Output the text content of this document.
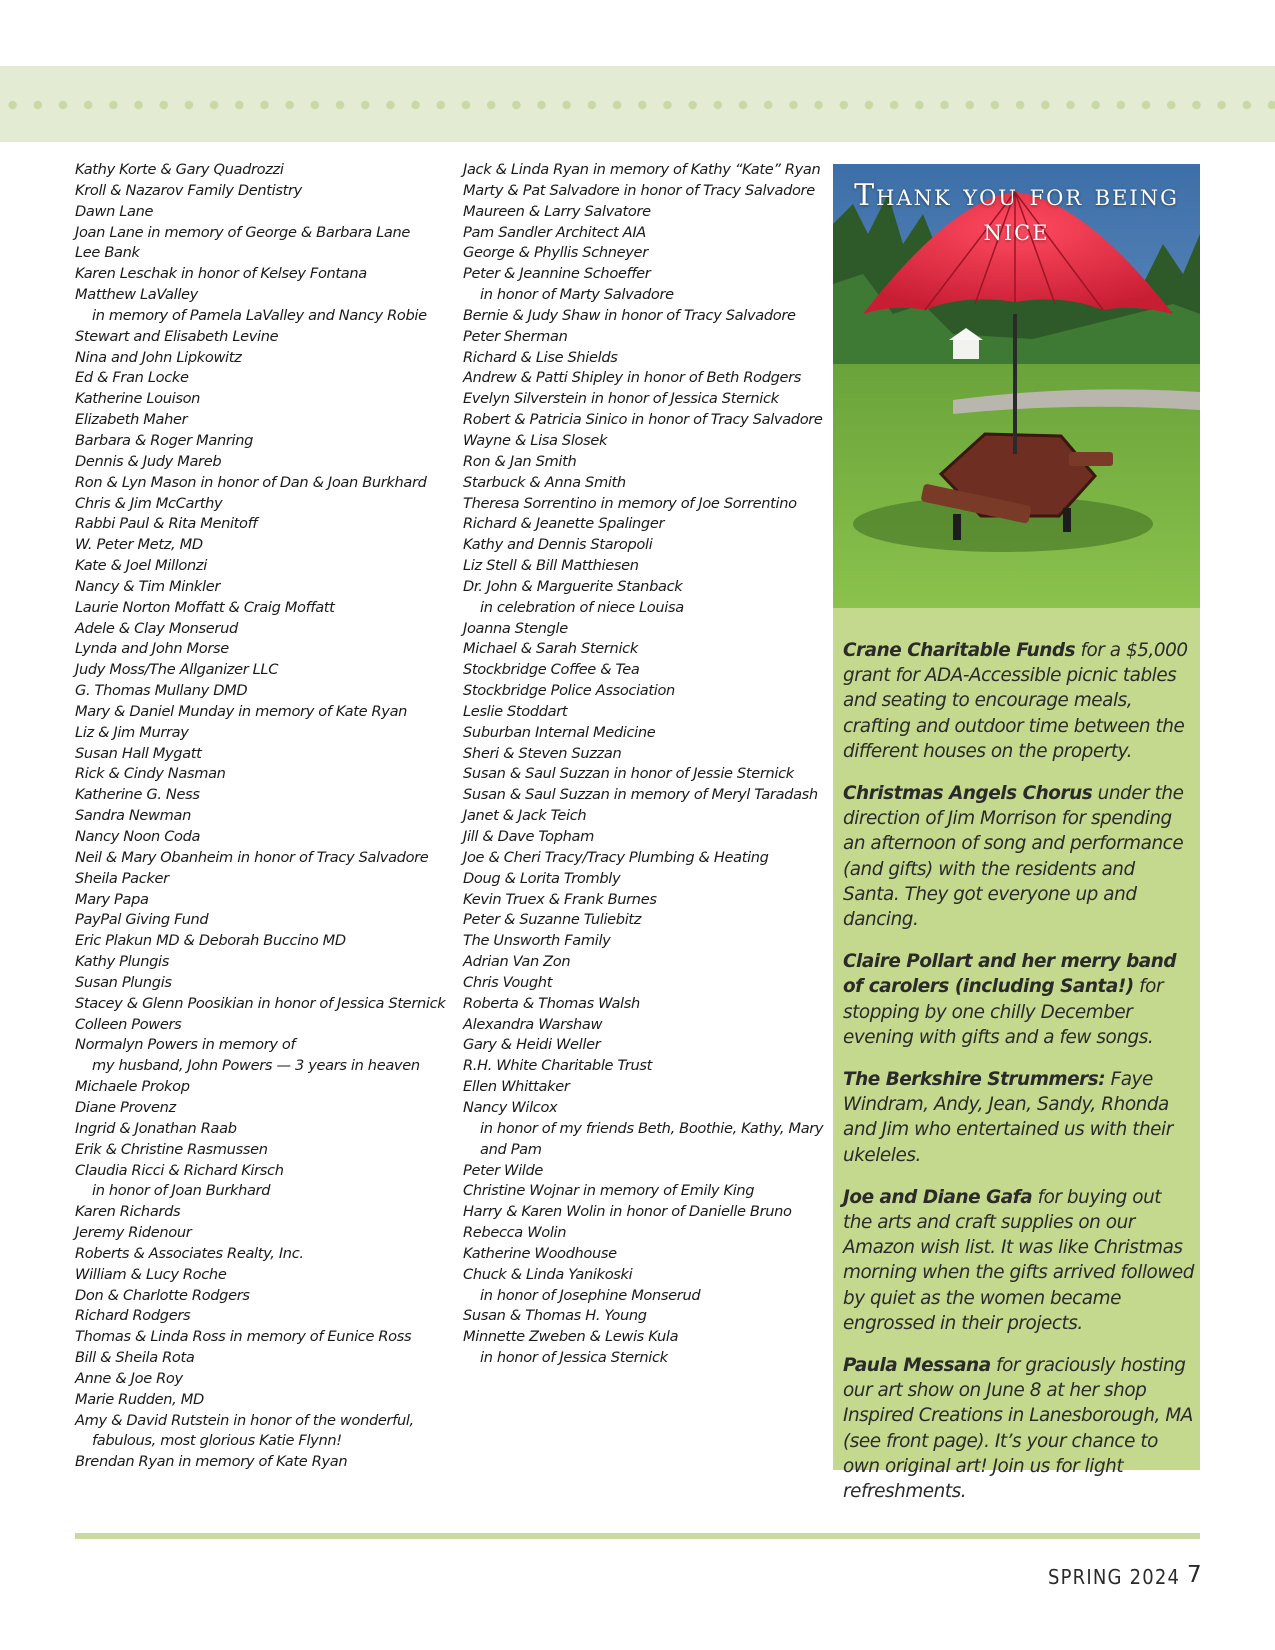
Kathy Korte & Gary Quadrozzi
Kroll & Nazarov Family Dentistry
Dawn Lane
Joan Lane in memory of George & Barbara Lane
Lee Bank
Karen Leschak in honor of Kelsey Fontana
Matthew LaValley
in memory of Pamela LaValley and Nancy Robie
Stewart and Elisabeth Levine
Nina and John Lipkowitz
Ed & Fran Locke
Katherine Louison
Elizabeth Maher
Barbara & Roger Manring
Dennis & Judy Mareb
Ron & Lyn Mason in honor of Dan & Joan Burkhard
Chris & Jim McCarthy
Rabbi Paul & Rita Menitoff
W. Peter Metz, MD
Kate & Joel Millonzi
Nancy & Tim Minkler
Laurie Norton Moffatt & Craig Moffatt
Adele & Clay Monserud
Lynda and John Morse
Judy Moss/The Allganizer LLC
G. Thomas Mullany DMD
Mary & Daniel Munday in memory of Kate Ryan
Liz & Jim Murray
Susan Hall Mygatt
Rick & Cindy Nasman
Katherine G. Ness
Sandra Newman
Nancy Noon Coda
Neil & Mary Obanheim in honor of Tracy Salvadore
Sheila Packer
Mary Papa
PayPal Giving Fund
Eric Plakun MD & Deborah Buccino MD
Kathy Plungis
Susan Plungis
Stacey & Glenn Poosikian in honor of Jessica Sternick
Colleen Powers
Normalyn Powers in memory of
my husband, John Powers — 3 years in heaven
Michaele Prokop
Diane Provenz
Ingrid & Jonathan Raab
Erik & Christine Rasmussen
Claudia Ricci & Richard Kirsch
in honor of Joan Burkhard
Karen Richards
Jeremy Ridenour
Roberts & Associates Realty, Inc.
William & Lucy Roche
Don & Charlotte Rodgers
Richard Rodgers
Thomas & Linda Ross in memory of Eunice Ross
Bill & Sheila Rota
Anne & Joe Roy
Marie Rudden, MD
Amy & David Rutstein in honor of the wonderful,
fabulous, most glorious Katie Flynn!
Brendan Ryan in memory of Kate Ryan
Jack & Linda Ryan in memory of Kathy “Kate” Ryan
Marty & Pat Salvadore in honor of Tracy Salvadore
Maureen & Larry Salvatore
Pam Sandler Architect AIA
George & Phyllis Schneyer
Peter & Jeannine Schoeffer
in honor of Marty Salvadore
Bernie & Judy Shaw in honor of Tracy Salvadore
Peter Sherman
Richard & Lise Shields
Andrew & Patti Shipley in honor of Beth Rodgers
Evelyn Silverstein in honor of Jessica Sternick
Robert & Patricia Sinico in honor of Tracy Salvadore
Wayne & Lisa Slosek
Ron & Jan Smith
Starbuck & Anna Smith
Theresa Sorrentino in memory of Joe Sorrentino
Richard & Jeanette Spalinger
Kathy and Dennis Staropoli
Liz Stell & Bill Matthiesen
Dr. John & Marguerite Stanback
in celebration of niece Louisa
Joanna Stengle
Michael & Sarah Sternick
Stockbridge Coffee & Tea
Stockbridge Police Association
Leslie Stoddart
Suburban Internal Medicine
Sheri & Steven Suzzan
Susan & Saul Suzzan in honor of Jessie Sternick
Susan & Saul Suzzan in memory of Meryl Taradash
Janet & Jack Teich
Jill & Dave Topham
Joe & Cheri Tracy/Tracy Plumbing & Heating
Doug & Lorita Trombly
Kevin Truex & Frank Burnes
Peter & Suzanne Tuliebitz
The Unsworth Family
Adrian Van Zon
Chris Vought
Roberta & Thomas Walsh
Alexandra Warshaw
Gary & Heidi Weller
R.H. White Charitable Trust
Ellen Whittaker
Nancy Wilcox
in honor of my friends Beth, Boothie, Kathy, Mary
and Pam
Peter Wilde
Christine Wojnar in memory of Emily King
Harry & Karen Wolin in honor of Danielle Bruno
Rebecca Wolin
Katherine Woodhouse
Chuck & Linda Yanikoski
in honor of Josephine Monserud
Susan & Thomas H. Young
Minnette Zweben & Lewis Kula
in honor of Jessica Sternick
Thank you for being nice

Crane Charitable Funds for a $5,000 grant for ADA-Accessible picnic tables and seating to encourage meals, crafting and outdoor time between the different houses on the property.

Christmas Angels Chorus under the direction of Jim Morrison for spending an afternoon of song and performance (and gifts) with the residents and Santa. They got everyone up and dancing.

Claire Pollart and her merry band of carolers (including Santa!) for stopping by one chilly December evening with gifts and a few songs.

The Berkshire Strummers: Faye Windram, Andy, Jean, Sandy, Rhonda and Jim who entertained us with their ukeleles.

Joe and Diane Gafa for buying out the arts and craft supplies on our Amazon wish list. It was like Christmas morning when the gifts arrived followed by quiet as the women became engrossed in their projects.

Paula Messana for graciously hosting our art show on June 8 at her shop Inspired Creations in Lanesborough, MA (see front page). It’s your chance to own original art! Join us for light refreshments.

SPRING 2024 7
